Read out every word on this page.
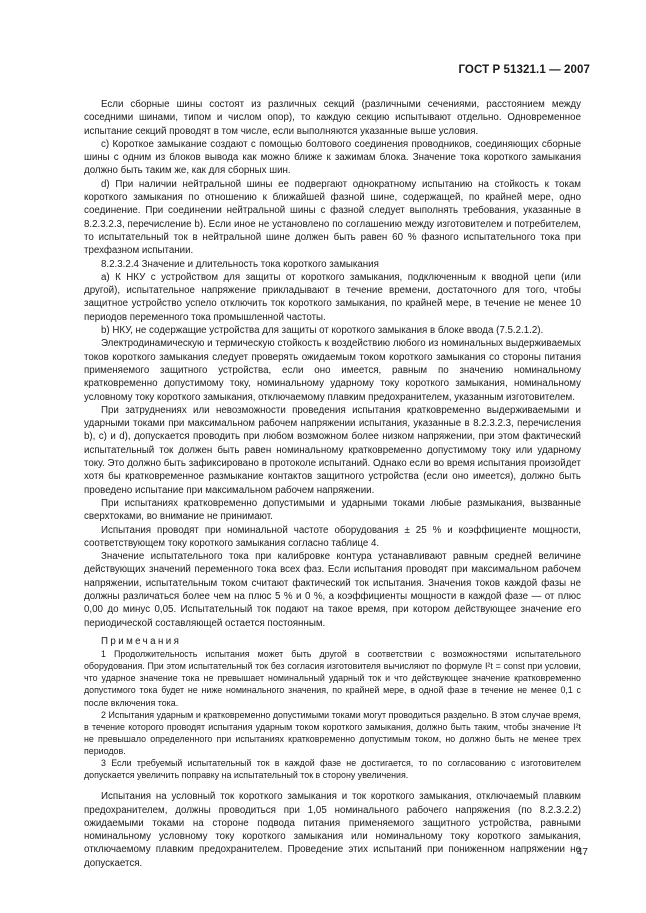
ГОСТ Р 51321.1 — 2007

Если сборные шины состоят из различных секций (различными сечениями, расстоянием между соседними шинами, типом и числом опор), то каждую секцию испытывают отдельно. Одновременное испытание секций проводят в том числе, если выполняются указанные выше условия.

c) Короткое замыкание создают с помощью болтового соединения проводников, соединяющих сборные шины с одним из блоков вывода как можно ближе к зажимам блока. Значение тока короткого замыкания должно быть таким же, как для сборных шин.

d) При наличии нейтральной шины ее подвергают однократному испытанию на стойкость к токам короткого замыкания по отношению к ближайшей фазной шине, содержащей, по крайней мере, одно соединение. При соединении нейтральной шины с фазной следует выполнять требования, указанные в 8.2.3.2.3, перечисление b). Если иное не установлено по соглашению между изготовителем и потребителем, то испытательный ток в нейтральной шине должен быть равен 60 % фазного испытательного тока при трехфазном испытании.

8.2.3.2.4 Значение и длительность тока короткого замыкания

a) К НКУ с устройством для защиты от короткого замыкания, подключенным к вводной цепи (или другой), испытательное напряжение прикладывают в течение времени, достаточного для того, чтобы защитное устройство успело отключить ток короткого замыкания, по крайней мере, в течение не менее 10 периодов переменного тока промышленной частоты.

b) НКУ, не содержащие устройства для защиты от короткого замыкания в блоке ввода (7.5.2.1.2).

Электродинамическую и термическую стойкость к воздействию любого из номинальных выдерживаемых токов короткого замыкания следует проверять ожидаемым током короткого замыкания со стороны питания применяемого защитного устройства, если оно имеется, равным по значению номинальному кратковременно допустимому току, номинальному ударному току короткого замыкания, номинальному условному току короткого замыкания, отключаемому плавким предохранителем, указанным изготовителем.

При затруднениях или невозможности проведения испытания кратковременно выдерживаемыми и ударными токами при максимальном рабочем напряжении испытания, указанные в 8.2.3.2.3, перечисления b), c) и d), допускается проводить при любом возможном более низком напряжении, при этом фактический испытательный ток должен быть равен номинальному кратковременно допустимому току или ударному току. Это должно быть зафиксировано в протоколе испытаний. Однако если во время испытания произойдет хотя бы кратковременное размыкание контактов защитного устройства (если оно имеется), должно быть проведено испытание при максимальном рабочем напряжении.

При испытаниях кратковременно допустимыми и ударными токами любые размыкания, вызванные сверхтоками, во внимание не принимают.

Испытания проводят при номинальной частоте оборудования ± 25 % и коэффициенте мощности, соответствующем току короткого замыкания согласно таблице 4.

Значение испытательного тока при калибровке контура устанавливают равным средней величине действующих значений переменного тока всех фаз. Если испытания проводят при максимальном рабочем напряжении, испытательным током считают фактический ток испытания. Значения токов каждой фазы не должны различаться более чем на плюс 5 % и 0 %, а коэффициенты мощности в каждой фазе — от плюс 0,00 до минус 0,05. Испытательный ток подают на такое время, при котором действующее значение его периодической составляющей остается постоянным.

Примечания

1 Продолжительность испытания может быть другой в соответствии с возможностями испытательного оборудования. При этом испытательный ток без согласия изготовителя вычисляют по формуле I²t = const при условии, что ударное значение тока не превышает номинальный ударный ток и что действующее значение кратковременно допустимого тока будет не ниже номинального значения, по крайней мере, в одной фазе в течение не менее 0,1 с после включения тока.

2 Испытания ударным и кратковременно допустимыми токами могут проводиться раздельно. В этом случае время, в течение которого проводят испытания ударным током короткого замыкания, должно быть таким, чтобы значение I²t не превышало определенного при испытаниях кратковременно допустимым током, но должно быть не менее трех периодов.

3 Если требуемый испытательный ток в каждой фазе не достигается, то по согласованию с изготовителем допускается увеличить поправку на испытательный ток в сторону увеличения.

Испытания на условный ток короткого замыкания и ток короткого замыкания, отключаемый плавким предохранителем, должны проводиться при 1,05 номинального рабочего напряжения (по 8.2.3.2.2) ожидаемыми токами на стороне подвода питания применяемого защитного устройства, равными номинальному условному току короткого замыкания или номинальному току короткого замыкания, отключаемому плавким предохранителем. Проведение этих испытаний при пониженном напряжении не допускается.

47
